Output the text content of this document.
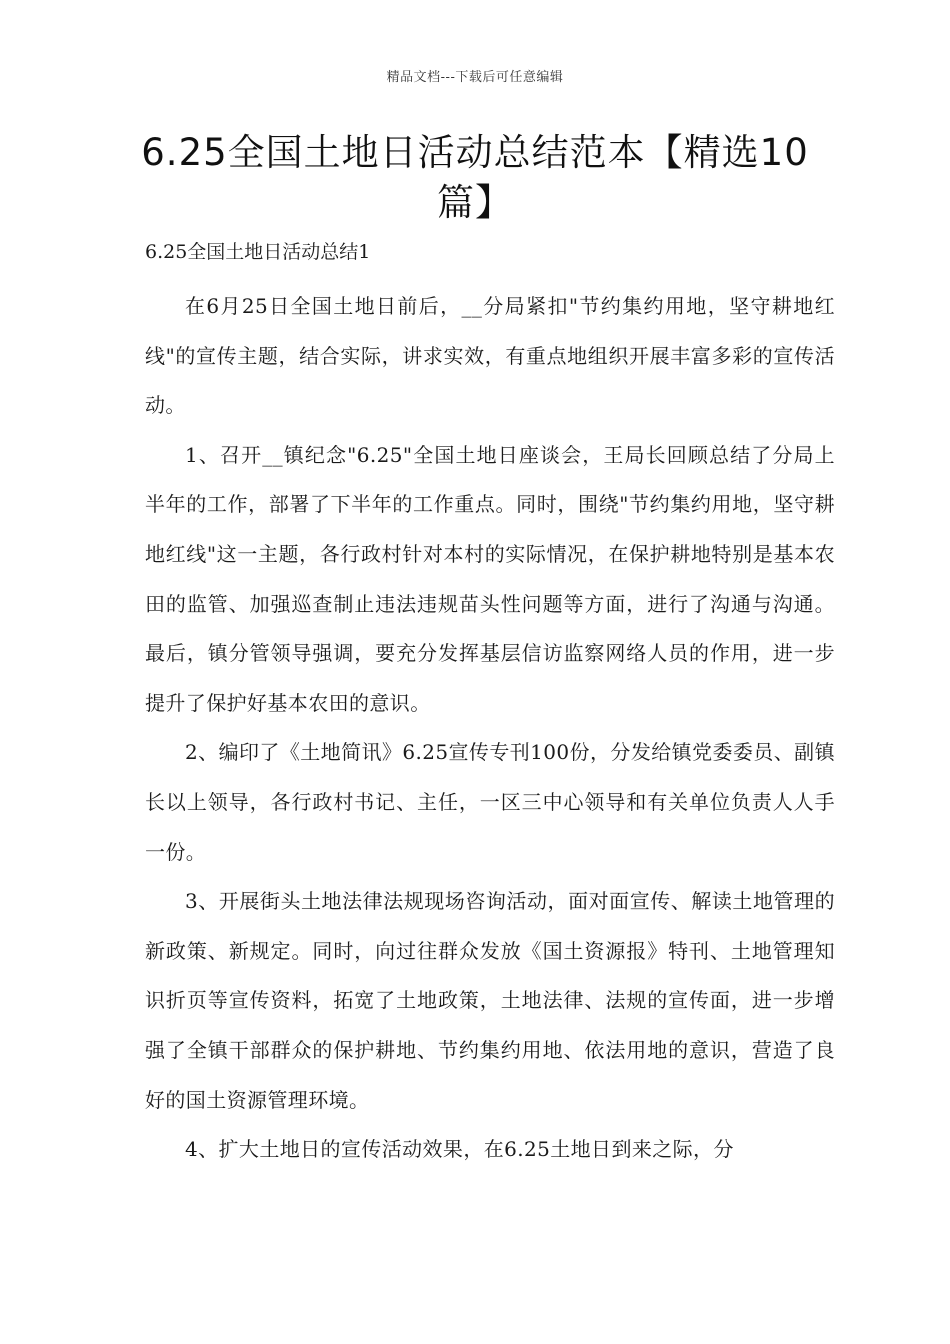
精品文档---下载后可任意编辑
6.25全国土地日活动总结范本【精选10篇】
6.25全国土地日活动总结1

在6月25日全国土地日前后，__分局紧扣"节约集约用地，坚守耕地红线"的宣传主题，结合实际，讲求实效，有重点地组织开展丰富多彩的宣传活动。

1、召开__镇纪念"6.25"全国土地日座谈会，王局长回顾总结了分局上半年的工作，部署了下半年的工作重点。同时，围绕"节约集约用地，坚守耕地红线"这一主题，各行政村针对本村的实际情况，在保护耕地特别是基本农田的监管、加强巡查制止违法违规苗头性问题等方面，进行了沟通与沟通。最后，镇分管领导强调，要充分发挥基层信访监察网络人员的作用，进一步提升了保护好基本农田的意识。

2、编印了《土地简讯》6.25宣传专刊100份，分发给镇党委委员、副镇长以上领导，各行政村书记、主任，一区三中心领导和有关单位负责人人手一份。

3、开展街头土地法律法规现场咨询活动，面对面宣传、解读土地管理的新政策、新规定。同时，向过往群众发放《国土资源报》特刊、土地管理知识折页等宣传资料，拓宽了土地政策，土地法律、法规的宣传面，进一步增强了全镇干部群众的保护耕地、节约集约用地、依法用地的意识，营造了良好的国土资源管理环境。

4、扩大土地日的宣传活动效果，在6.25土地日到来之际，分
